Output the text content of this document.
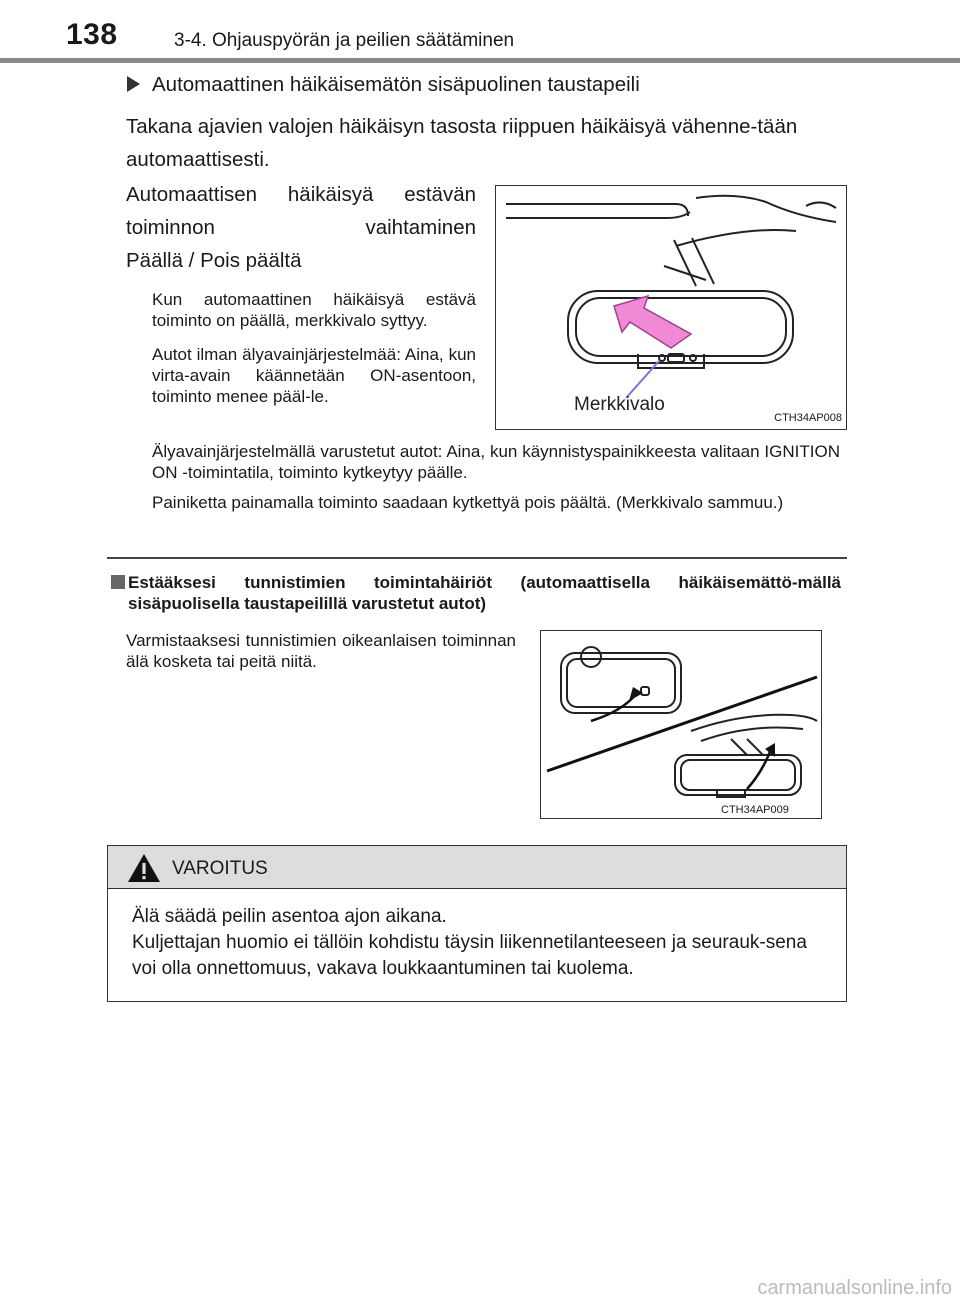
138	3-4. Ohjauspyörän ja peilien säätäminen
Automaattinen häikäisemätön sisäpuolinen taustapeili
Takana ajavien valojen häikäisyn tasosta riippuen häikäisyä vähenne-tään automaattisesti.
Automaattisen häikäisyä estävän toiminnon vaihtaminen
Päällä / Pois päältä
Kun automaattinen häikäisyä estävä toiminto on päällä, merkkivalo syttyy.
Autot ilman älyavainjärjestelmää: Aina, kun virta-avain käännetään ON-asentoon, toiminto menee pääl-le.	Merkkivalo
CTH34AP008
Älyavainjärjestelmällä varustetut autot: Aina, kun käynnistyspainikkeesta valitaan IGNITION ON -toimintatila, toiminto kytkeytyy päälle.
Painiketta painamalla toiminto saadaan kytkettyä pois päältä. (Merkkivalo sammuu.)
Estääksesi tunnistimien toimintahäiriöt (automaattisella häikäisemättö-mällä sisäpuolisella taustapeilillä varustetut autot)
Varmistaaksesi tunnistimien oikeanlaisen toiminnan älä kosketa tai peitä niitä.
CTH34AP009
VAROITUS
Älä säädä peilin asentoa ajon aikana.
Kuljettajan huomio ei tällöin kohdistu täysin liikennetilanteeseen ja seurauk-sena voi olla onnettomuus, vakava loukkaantuminen tai kuolema.
carmanualsonline.info
